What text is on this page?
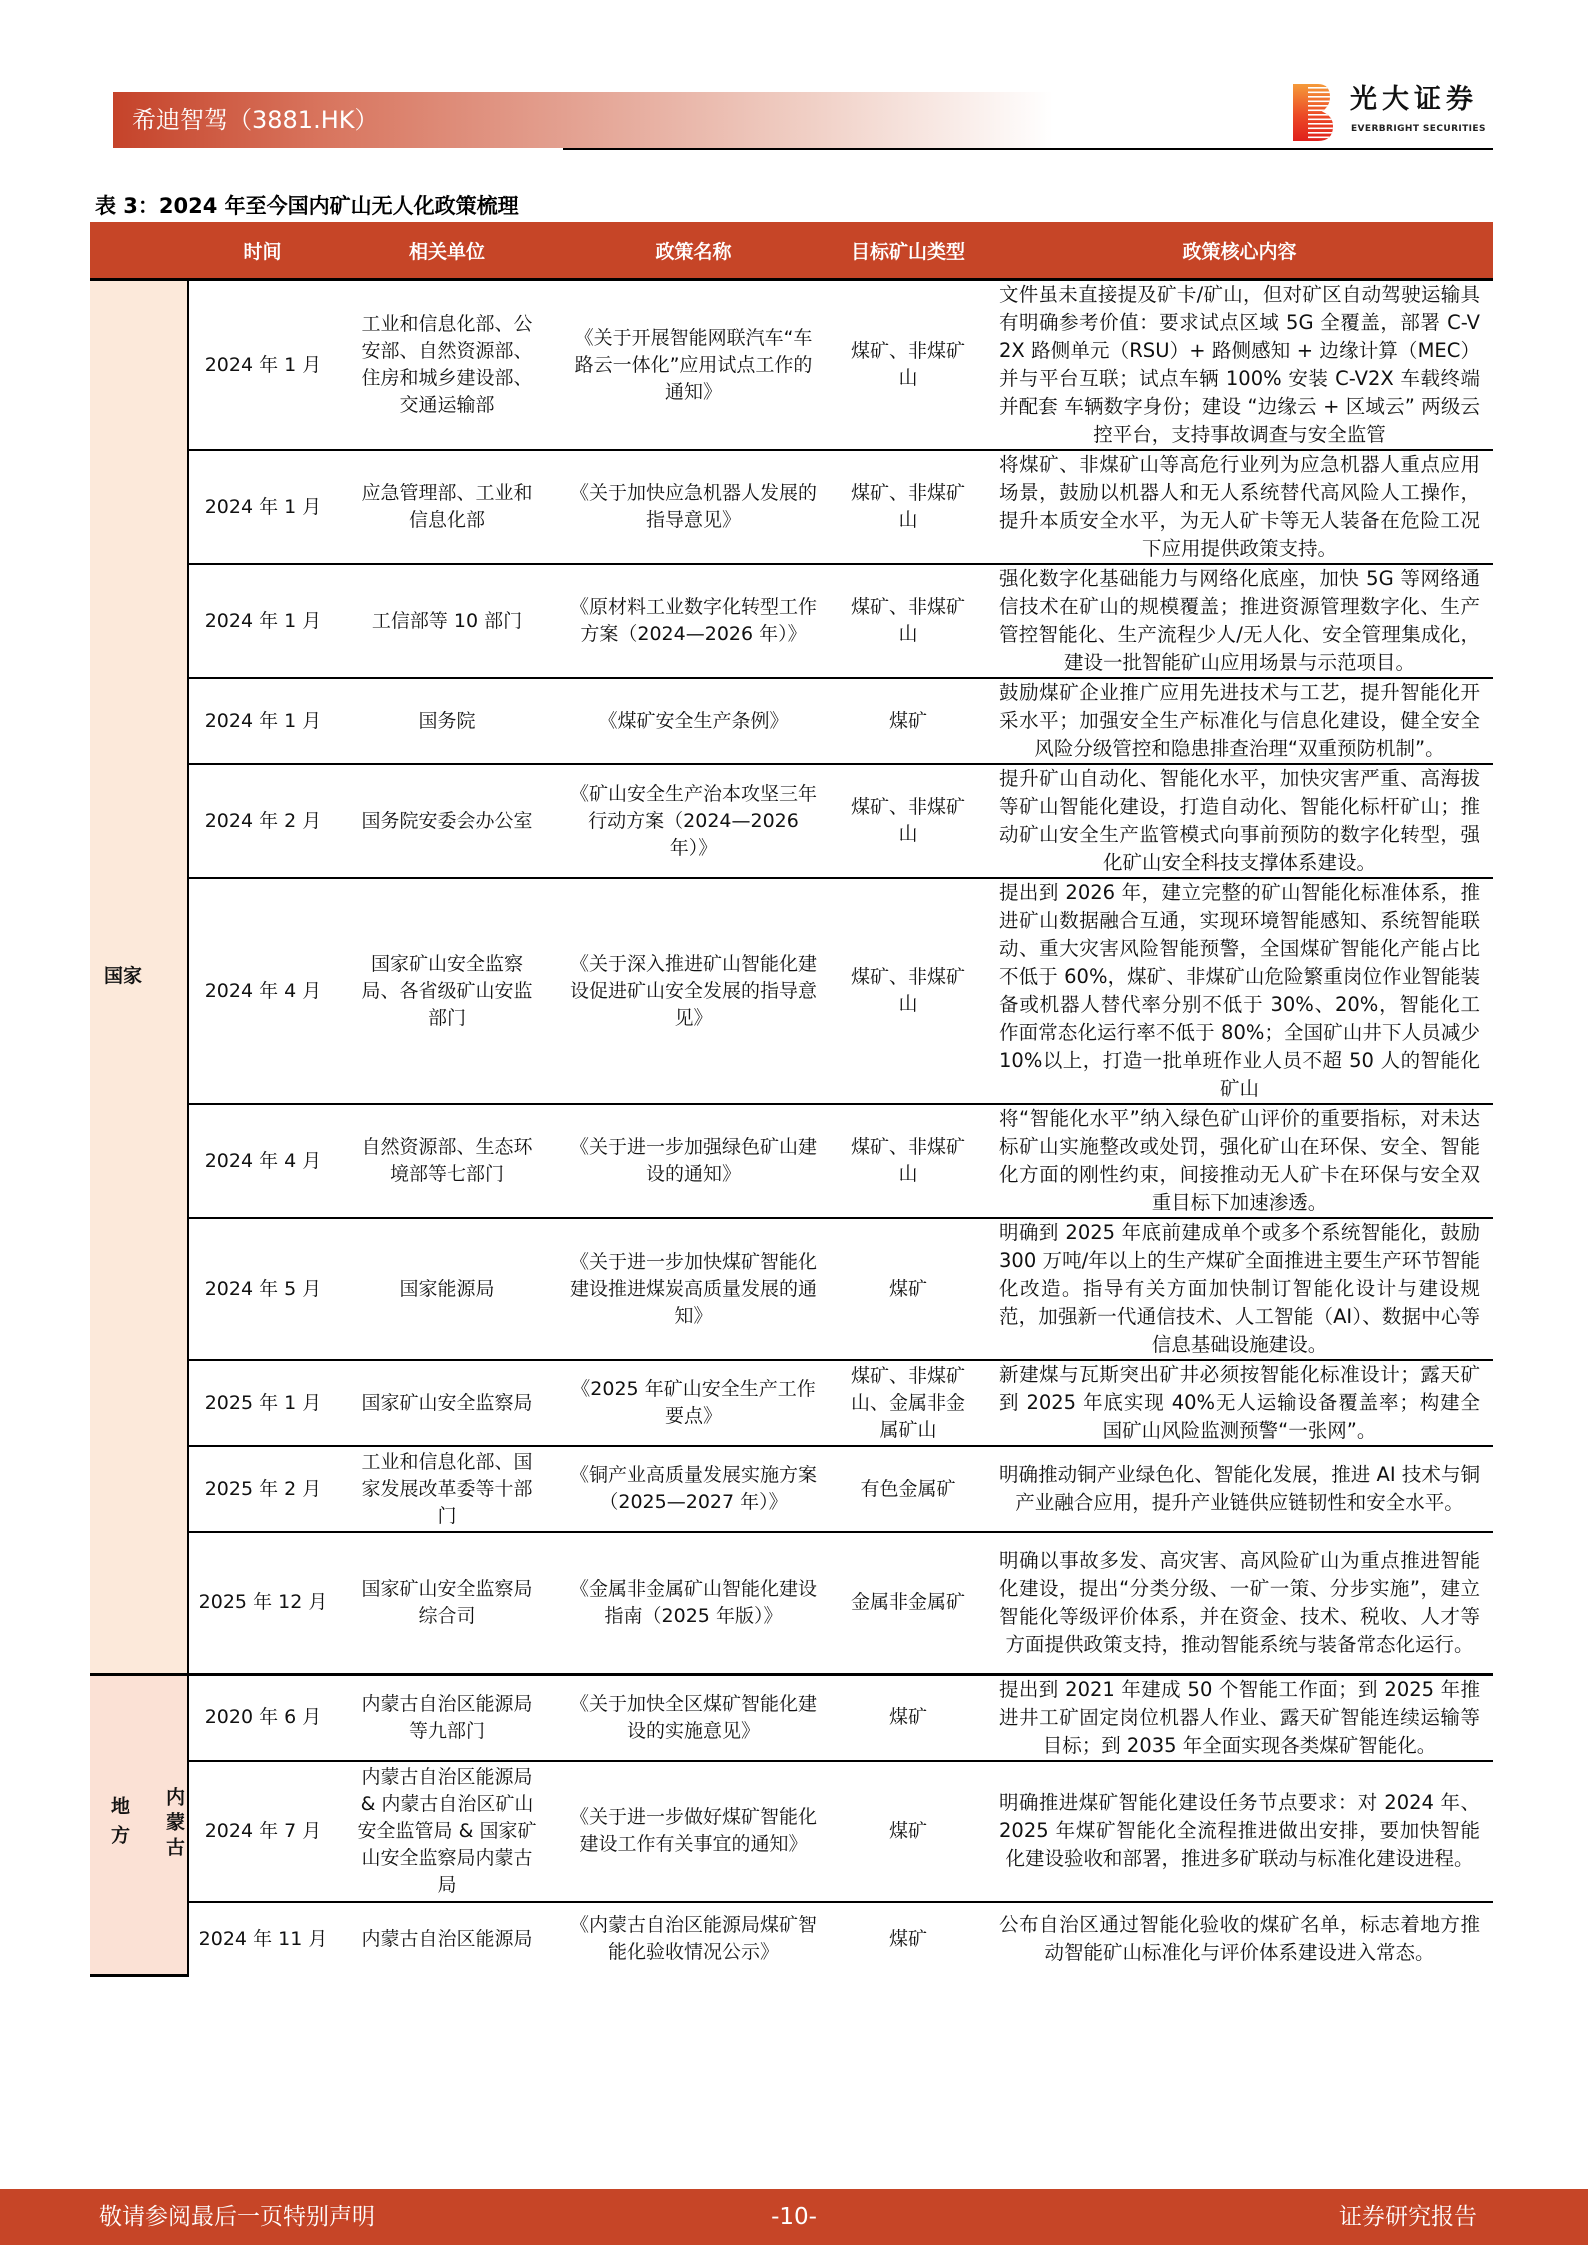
希迪智驾（3881.HK）
光大证券
EVERBRIGHT SECURITIES
表 3：2024 年至今国内矿山无人化政策梳理
	时间	相关单位	政策名称	目标矿山类型	政策核心内容
国家	2024 年 1 月	工业和信息化部、公安部、自然资源部、住房和城乡建设部、交通运输部	《关于开展智能网联汽车“车路云一体化”应用试点工作的通知》	煤矿、非煤矿山	文件虽未直接提及矿卡/矿山，但对矿区自动驾驶运输具有明确参考价值：要求试点区域 5G 全覆盖，部署 C-V2X 路侧单元（RSU）+ 路侧感知 + 边缘计算（MEC） 并与平台互联；试点车辆 100% 安装 C-V2X 车载终端 并配套 车辆数字身份；建设 “边缘云 + 区域云” 两级云控平台，支持事故调查与安全监管
	2024 年 1 月	应急管理部、工业和信息化部	《关于加快应急机器人发展的指导意见》	煤矿、非煤矿山	将煤矿、非煤矿山等高危行业列为应急机器人重点应用场景，鼓励以机器人和无人系统替代高风险人工操作，提升本质安全水平，为无人矿卡等无人装备在危险工况下应用提供政策支持。
	2024 年 1 月	工信部等 10 部门	《原材料工业数字化转型工作方案（2024—2026 年）》	煤矿、非煤矿山	强化数字化基础能力与网络化底座，加快 5G 等网络通信技术在矿山的规模覆盖；推进资源管理数字化、生产管控智能化、生产流程少人/无人化、安全管理集成化，建设一批智能矿山应用场景与示范项目。
	2024 年 1 月	国务院	《煤矿安全生产条例》	煤矿	鼓励煤矿企业推广应用先进技术与工艺，提升智能化开采水平；加强安全生产标准化与信息化建设，健全安全风险分级管控和隐患排查治理“双重预防机制”。
	2024 年 2 月	国务院安委会办公室	《矿山安全生产治本攻坚三年行动方案（2024—2026 年）》	煤矿、非煤矿山	提升矿山自动化、智能化水平，加快灾害严重、高海拔等矿山智能化建设，打造自动化、智能化标杆矿山；推动矿山安全生产监管模式向事前预防的数字化转型，强化矿山安全科技支撑体系建设。
	2024 年 4 月	国家矿山安全监察局、各省级矿山安监部门	《关于深入推进矿山智能化建设促进矿山安全发展的指导意见》	煤矿、非煤矿山	提出到 2026 年，建立完整的矿山智能化标准体系，推进矿山数据融合互通，实现环境智能感知、系统智能联动、重大灾害风险智能预警，全国煤矿智能化产能占比不低于 60%，煤矿、非煤矿山危险繁重岗位作业智能装备或机器人替代率分别不低于 30%、20%，智能化工作面常态化运行率不低于 80%；全国矿山井下人员减少 10%以上，打造一批单班作业人员不超 50 人的智能化矿山
	2024 年 4 月	自然资源部、生态环境部等七部门	《关于进一步加强绿色矿山建设的通知》	煤矿、非煤矿山	将“智能化水平”纳入绿色矿山评价的重要指标，对未达标矿山实施整改或处罚，强化矿山在环保、安全、智能化方面的刚性约束，间接推动无人矿卡在环保与安全双重目标下加速渗透。
	2024 年 5 月	国家能源局	《关于进一步加快煤矿智能化建设推进煤炭高质量发展的通知》	煤矿	明确到 2025 年底前建成单个或多个系统智能化，鼓励 300 万吨/年以上的生产煤矿全面推进主要生产环节智能化改造。指导有关方面加快制订智能化设计与建设规范，加强新一代通信技术、人工智能（AI）、数据中心等信息基础设施建设。
	2025 年 1 月	国家矿山安全监察局	《2025 年矿山安全生产工作要点》	煤矿、非煤矿山、金属非金属矿山	新建煤与瓦斯突出矿井必须按智能化标准设计；露天矿到 2025 年底实现 40%无人运输设备覆盖率；构建全国矿山风险监测预警“一张网”。
	2025 年 2 月	工业和信息化部、国家发展改革委等十部门	《铜产业高质量发展实施方案（2025—2027 年）》	有色金属矿	明确推动铜产业绿色化、智能化发展，推进 AI 技术与铜产业融合应用，提升产业链供应链韧性和安全水平。
	2025 年 12 月	国家矿山安全监察局综合司	《金属非金属矿山智能化建设指南（2025 年版）》	金属非金属矿	明确以事故多发、高灾害、高风险矿山为重点推进智能化建设，提出“分类分级、一矿一策、分步实施”，建立智能化等级评价体系，并在资金、技术、税收、人才等方面提供政策支持，推动智能系统与装备常态化运行。

地方 内蒙古	2020 年 6 月	内蒙古自治区能源局等九部门	《关于加快全区煤矿智能化建设的实施意见》	煤矿	提出到 2021 年建成 50 个智能工作面；到 2025 年推进井工矿固定岗位机器人作业、露天矿智能连续运输等目标；到 2035 年全面实现各类煤矿智能化。
	2024 年 7 月	内蒙古自治区能源局 & 内蒙古自治区矿山安全监管局 & 国家矿山安全监察局内蒙古局	《关于进一步做好煤矿智能化建设工作有关事宜的通知》	煤矿	明确推进煤矿智能化建设任务节点要求：对 2024 年、2025 年煤矿智能化全流程推进做出安排，要加快智能化建设验收和部署，推进多矿联动与标准化建设进程。
	2024 年 11 月	内蒙古自治区能源局	《内蒙古自治区能源局煤矿智能化验收情况公示》	煤矿	公布自治区通过智能化验收的煤矿名单，标志着地方推动智能矿山标准化与评价体系建设进入常态。
-10-
敬请参阅最后一页特别声明	证券研究报告
